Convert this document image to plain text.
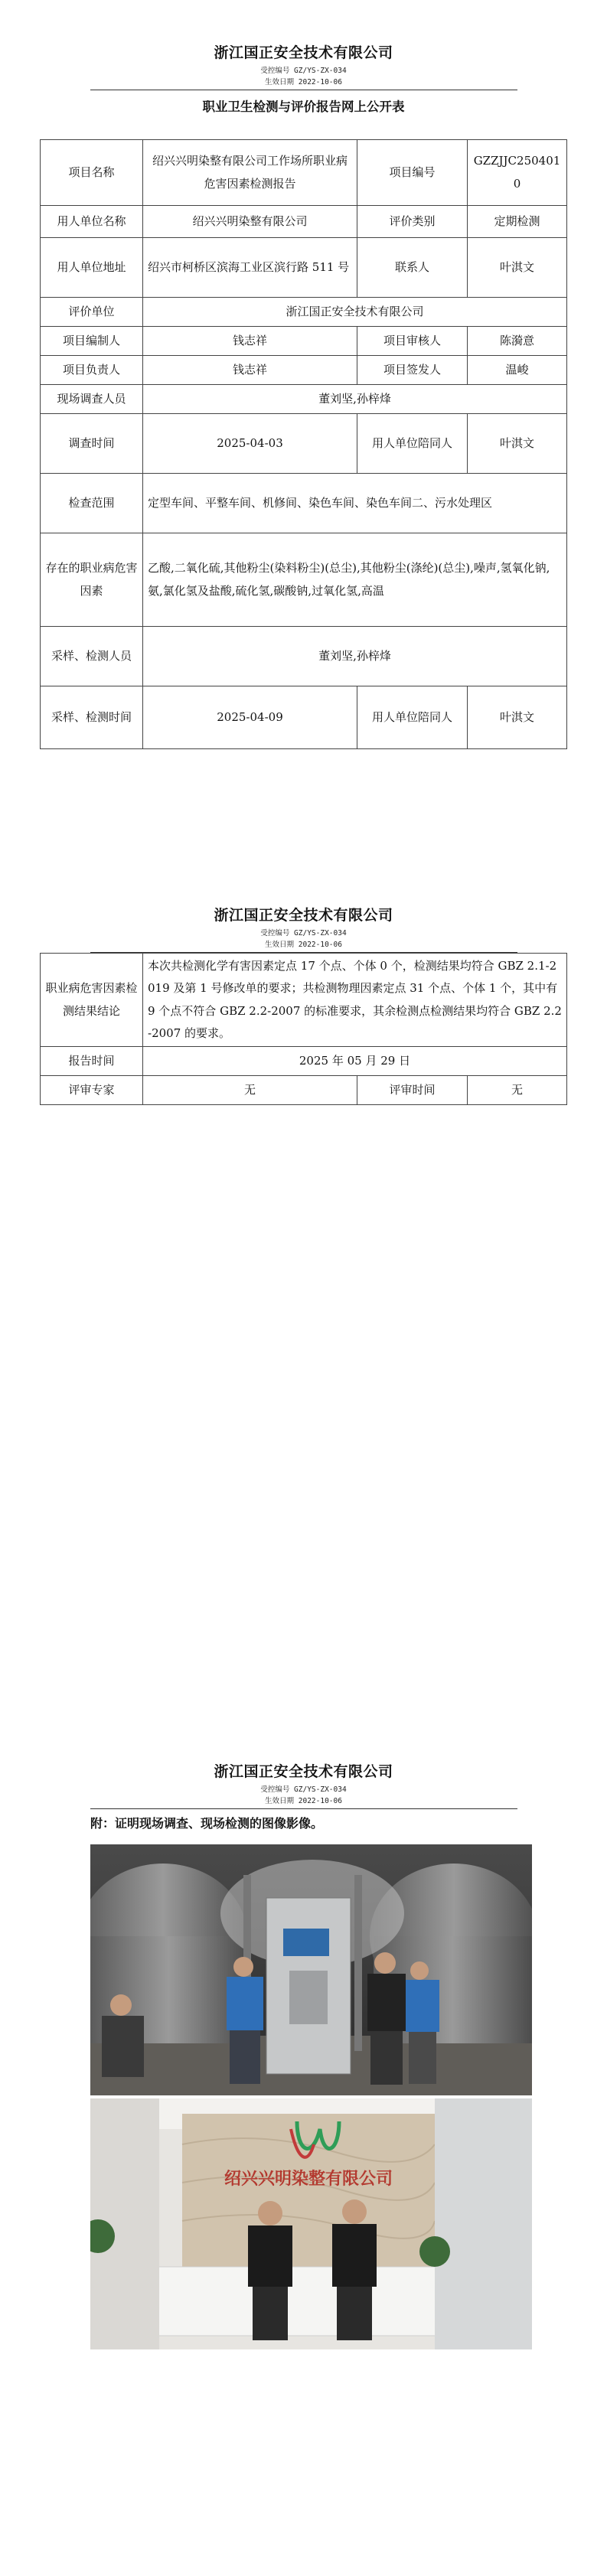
浙江国正安全技术有限公司
受控编号 GZ/YS-ZX-034
生效日期 2022-10-06
职业卫生检测与评价报告网上公开表
项目名称	绍兴兴明染整有限公司工作场所职业病危害因素检测报告	项目编号	GZZJJC2504010
用人单位名称	绍兴兴明染整有限公司	评价类别	定期检测
用人单位地址	绍兴市柯桥区滨海工业区滨行路 511 号	联系人	叶淇文
评价单位	浙江国正安全技术有限公司		
项目编制人	钱志祥	项目审核人	陈漪意
项目负责人	钱志祥	项目签发人	温峻
现场调查人员	董刘坚,孙梓烽		
调查时间	2025-04-03	用人单位陪同人	叶淇文
检查范围	定型车间、平整车间、机修间、染色车间、染色车间二、污水处理区		
存在的职业病危害因素	乙酸,二氧化硫,其他粉尘(染料粉尘)(总尘),其他粉尘(涤纶)(总尘),噪声,氢氧化钠,氨,氯化氢及盐酸,硫化氢,碳酸钠,过氧化氢,高温		
采样、检测人员	董刘坚,孙梓烽		
采样、检测时间	2025-04-09	用人单位陪同人	叶淇文
浙江国正安全技术有限公司
受控编号 GZ/YS-ZX-034
生效日期 2022-10-06
职业病危害因素检测结果结论	本次共检测化学有害因素定点 17 个点、个体 0 个，检测结果均符合 GBZ 2.1-2019 及第 1 号修改单的要求；共检测物理因素定点 31 个点、个体 1 个，其中有 9 个点不符合 GBZ 2.2-2007 的标准要求，其余检测点检测结果均符合 GBZ 2.2-2007 的要求。		
报告时间	2025 年 05 月 29 日		
评审专家	无	评审时间	无
浙江国正安全技术有限公司
受控编号 GZ/YS-ZX-034
生效日期 2022-10-06
附：证明现场调查、现场检测的图像影像。
绍兴兴明染整有限公司
